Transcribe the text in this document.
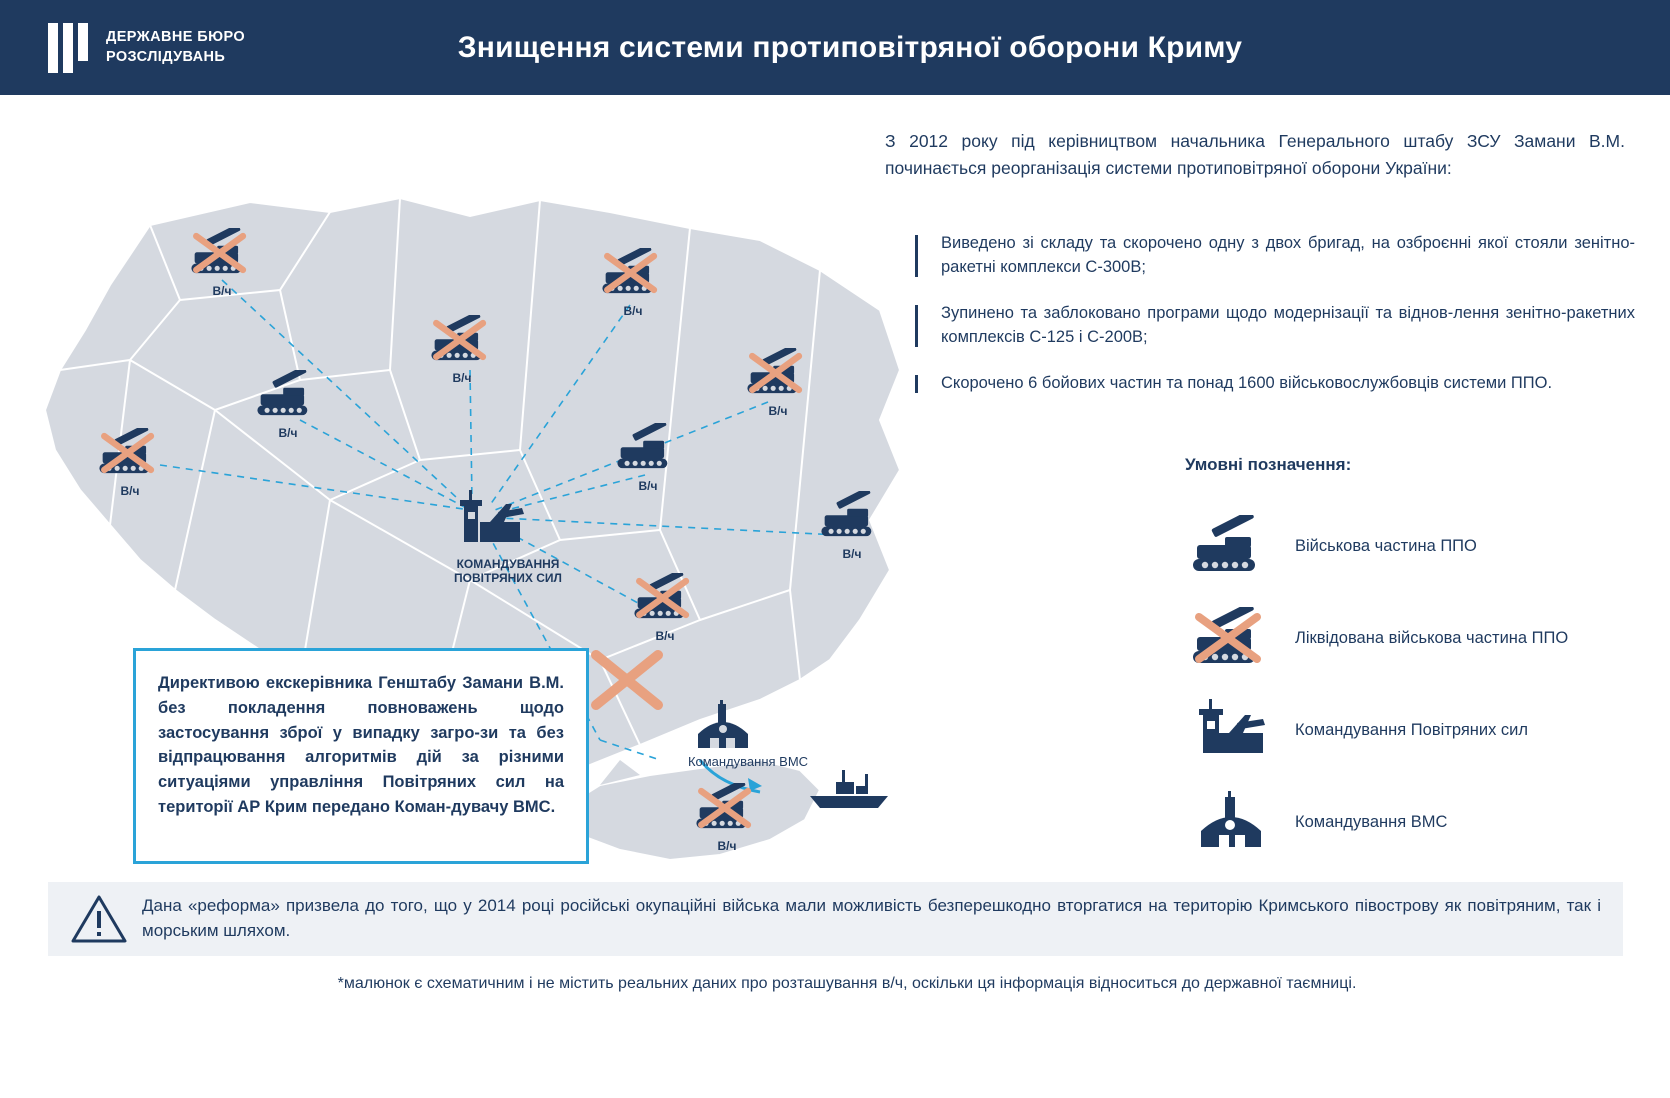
ДЕРЖАВНЕ БЮРО
РОЗСЛІДУВАНЬ	Знищення системи протиповітряної оборони Криму
З 2012 року під керівництвом начальника Генерального штабу ЗСУ Замани В.М. починається реорганізація системи протиповітряної оборони України:
Виведено зі складу та скорочено одну з двох бригад, на озброєнні якої стояли зенітно-ракетні комплекси С-300В;
Зупинено та заблоковано програми щодо модернізації та віднов-лення зенітно-ракетних комплексів С-125 і С-200В;
Скорочено 6 бойових частин та понад 1600 військовослужбовців системи ППО.
Умовні позначення:
Військова частина ППО
Ліквідована військова частина ППО
Командування Повітряних сил
Командування ВМС
В/ч
В/ч
В/ч
В/ч
В/ч
В/ч	В/ч
В/ч
В/ч
В/ч
КОМАНДУВАННЯ
ПОВІТРЯНИХ СИЛ
Командування ВМС
Директивою екскерівника Генштабу Замани В.М. без покладення повноважень щодо застосування зброї у випадку загро-зи та без відпрацювання алгоритмів дій за різними ситуаціями управління Повітряних сил на території АР Крим передано Коман-дувачу ВМС.
Дана «реформа» призвела до того, що у 2014 році російські окупаційні війська мали можливість безперешкодно вторгатися на територію Кримського півострову як повітряним, так і морським шляхом.
*малюнок є схематичним і не містить реальних даних про розташування в/ч, оскільки ця інформація відноситься до державної таємниці.
